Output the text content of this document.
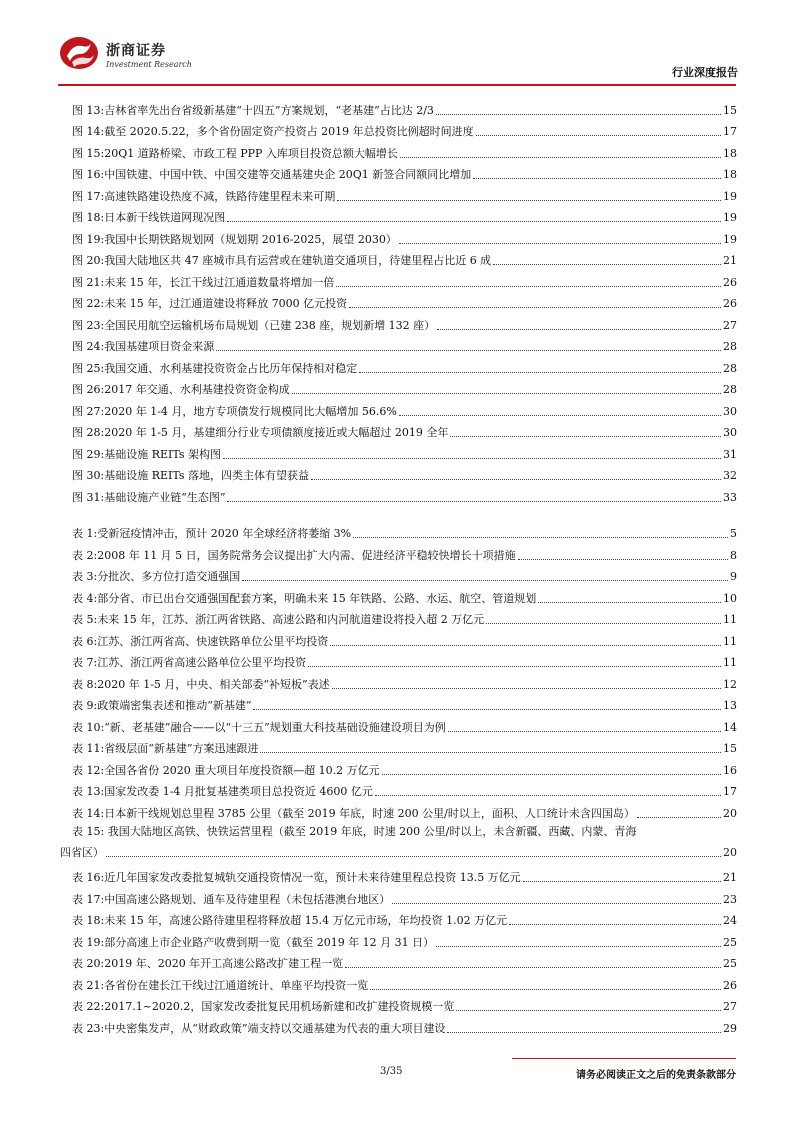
浙商证券
Investment Research
行业深度报告
图 13: 吉林省率先出台省级新基建“十四五”方案规划，“老基建”占比达 2/3	15
图 14: 截至 2020.5.22，多个省份固定资产投资占 2019 年总投资比例超时间进度	17
图 15: 20Q1 道路桥梁、市政工程 PPP 入库项目投资总额大幅增长	18
图 16: 中国铁建、中国中铁、中国交建等交通基建央企 20Q1 新签合同额同比增加	18
图 17: 高速铁路建设热度不减，铁路待建里程未来可期	19
图 18: 日本新干线铁道网现况图	19
图 19: 我国中长期铁路规划网（规划期 2016-2025，展望 2030）	19
图 20: 我国大陆地区共 47 座城市具有运营或在建轨道交通项目，待建里程占比近 6 成	21
图 21: 未来 15 年，长江干线过江通道数量将增加一倍	26
图 22: 未来 15 年，过江通道建设将释放 7000 亿元投资	26
图 23: 全国民用航空运输机场布局规划（已建 238 座，规划新增 132 座）	27
图 24: 我国基建项目资金来源	28
图 25: 我国交通、水利基建投资资金占比历年保持相对稳定	28
图 26: 2017 年交通、水利基建投资资金构成	28
图 27: 2020 年 1-4 月，地方专项债发行规模同比大幅增加 56.6%	30
图 28: 2020 年 1-5 月，基建细分行业专项债额度接近或大幅超过 2019 全年	30
图 29: 基础设施 REITs 架构图	31
图 30: 基础设施 REITs 落地，四类主体有望获益	32
图 31: 基础设施产业链“生态图”	33
表 1: 受新冠疫情冲击，预计 2020 年全球经济将萎缩 3%	5
表 2: 2008 年 11 月 5 日，国务院常务会议提出扩大内需、促进经济平稳较快增长十项措施	8
表 3: 分批次、多方位打造交通强国	9
表 4: 部分省、市已出台交通强国配套方案，明确未来 15 年铁路、公路、水运、航空、管道规划	10
表 5: 未来 15 年，江苏、浙江两省铁路、高速公路和内河航道建设将投入超 2 万亿元	11
表 6: 江苏、浙江两省高、快速铁路单位公里平均投资	11
表 7: 江苏、浙江两省高速公路单位公里平均投资	11
表 8: 2020 年 1-5 月，中央、相关部委“补短板”表述	12
表 9: 政策端密集表述和推动“新基建”	13
表 10: “新、老基建”融合——以“十三五”规划重大科技基础设施建设项目为例	14
表 11: 省级层面“新基建”方案迅速跟进	15
表 12: 全国各省份 2020 重大项目年度投资额—超 10.2 万亿元	16
表 13: 国家发改委 1-4 月批复基建类项目总投资近 4600 亿元	17
表 14: 日本新干线规划总里程 3785 公里（截至 2019 年底，时速 200 公里/时以上，面积、人口统计未含四国岛）	20
表 15: 我国大陆地区高铁、快铁运营里程（截至 2019 年底，时速 200 公里/时以上，未含新疆、西藏、内蒙、青海
四省区）	20
表 16: 近几年国家发改委批复城轨交通投资情况一览，预计未来待建里程总投资 13.5 万亿元	21
表 17: 中国高速公路规划、通车及待建里程（未包括港澳台地区）	23
表 18: 未来 15 年，高速公路待建里程将释放超 15.4 万亿元市场，年均投资 1.02 万亿元	24
表 19: 部分高速上市企业路产收费到期一览（截至 2019 年 12 月 31 日）	25
表 20: 2019 年、2020 年开工高速公路改扩建工程一览	25
表 21: 各省份在建长江干线过江通道统计、单座平均投资一览	26
表 22: 2017.1~2020.2，国家发改委批复民用机场新建和改扩建投资规模一览	27
表 23: 中央密集发声，从“财政政策”端支持以交通基建为代表的重大项目建设	29
3/35	请务必阅读正文之后的免责条款部分
